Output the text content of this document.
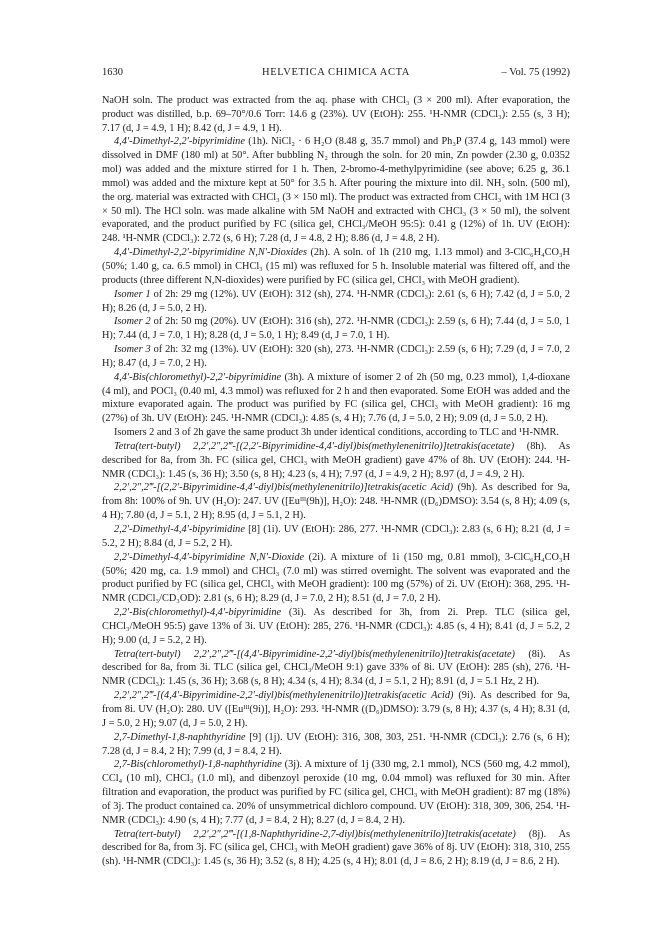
1630	HELVETICA CHIMICA ACTA	– Vol. 75 (1992)

NaOH soln. The product was extracted from the aq. phase with CHCl₃ (3 × 200 ml). After evaporation, the product was distilled, b.p. 69–70°/0.6 Torr: 14.6 g (23%). UV (EtOH): 255. ¹H-NMR (CDCl₃): 2.55 (s, 3 H); 7.17 (d, J = 4.9, 1 H); 8.42 (d, J = 4.9, 1 H).

4,4′-Dimethyl-2,2′-bipyrimidine (1h). NiCl₂ · 6 H₂O (8.48 g, 35.7 mmol) and Ph₃P (37.4 g, 143 mmol) were dissolved in DMF (180 ml) at 50°. After bubbling N₂ through the soln. for 20 min, Zn powder (2.30 g, 0.0352 mol) was added and the mixture stirred for 1 h. Then, 2-bromo-4-methylpyrimidine (see above; 6.25 g, 36.1 mmol) was added and the mixture kept at 50° for 3.5 h. After pouring the mixture into dil. NH₃ soln. (500 ml), the org. material was extracted with CHCl₃ (3 × 150 ml). The product was extracted from CHCl₃ with 1M HCl (3 × 50 ml). The HCl soln. was made alkaline with 5M NaOH and extracted with CHCl₃ (3 × 50 ml), the solvent evaporated, and the product purified by FC (silica gel, CHCl₃/MeOH 95:5): 0.41 g (12%) of 1h. UV (EtOH): 248. ¹H-NMR (CDCl₃): 2.72 (s, 6 H); 7.28 (d, J = 4.8, 2 H); 8.86 (d, J = 4.8, 2 H).

4,4′-Dimethyl-2,2′-bipyrimidine N,N′-Dioxides (2h). A soln. of 1h (210 mg, 1.13 mmol) and 3-ClC₆H₄CO₃H (50%; 1.40 g, ca. 6.5 mmol) in CHCl₃ (15 ml) was refluxed for 5 h. Insoluble material was filtered off, and the products (three different N,N-dioxides) were purified by FC (silica gel, CHCl₃ with MeOH gradient).

Isomer 1 of 2h: 29 mg (12%). UV (EtOH): 312 (sh), 274. ¹H-NMR (CDCl₃): 2.61 (s, 6 H); 7.42 (d, J = 5.0, 2 H); 8.26 (d, J = 5.0, 2 H).

Isomer 2 of 2h: 50 mg (20%). UV (EtOH): 316 (sh), 272. ¹H-NMR (CDCl₃): 2.59 (s, 6 H); 7.44 (d, J = 5.0, 1 H); 7.44 (d, J = 7.0, 1 H); 8.28 (d, J = 5.0, 1 H); 8.49 (d, J = 7.0, 1 H).

Isomer 3 of 2h: 32 mg (13%). UV (EtOH): 320 (sh), 273. ¹H-NMR (CDCl₃): 2.59 (s, 6 H); 7.29 (d, J = 7.0, 2 H); 8.47 (d, J = 7.0, 2 H).

4,4′-Bis(chloromethyl)-2,2′-bipyrimidine (3h). A mixture of isomer 2 of 2h (50 mg, 0.23 mmol), 1,4-dioxane (4 ml), and POCl₃ (0.40 ml, 4.3 mmol) was refluxed for 2 h and then evaporated. Some EtOH was added and the mixture evaporated again. The product was purified by FC (silica gel, CHCl₃ with MeOH gradient): 16 mg (27%) of 3h. UV (EtOH): 245. ¹H-NMR (CDCl₃): 4.85 (s, 4 H); 7.76 (d, J = 5.0, 2 H); 9.09 (d, J = 5.0, 2 H).

Isomers 2 and 3 of 2h gave the same product 3h under identical conditions, according to TLC and ¹H-NMR.

Tetra(tert-butyl) 2,2′,2″,2‴-[(2,2′-Bipyrimidine-4,4′-diyl)bis(methylenenitrilo)]tetrakis(acetate) (8h). As described for 8a, from 3h. FC (silica gel, CHCl₃ with MeOH gradient) gave 47% of 8h. UV (EtOH): 244. ¹H-NMR (CDCl₃): 1.45 (s, 36 H); 3.50 (s, 8 H); 4.23 (s, 4 H); 7.97 (d, J = 4.9, 2 H); 8.97 (d, J = 4.9, 2 H).

2,2′,2″,2‴-[(2,2′-Bipyrimidine-4,4′-diyl)bis(methylenenitrilo)]tetrakis(acetic Acid) (9h). As described for 9a, from 8h: 100% of 9h. UV (H₂O): 247. UV ([Euᴵᴵᴵ(9h)], H₂O): 248. ¹H-NMR ((D₆)DMSO): 3.54 (s, 8 H); 4.09 (s, 4 H); 7.80 (d, J = 5.1, 2 H); 8.95 (d, J = 5.1, 2 H).

2,2′-Dimethyl-4,4′-bipyrimidine [8] (1i). UV (EtOH): 286, 277. ¹H-NMR (CDCl₃): 2.83 (s, 6 H); 8.21 (d, J = 5.2, 2 H); 8.84 (d, J = 5.2, 2 H).

2,2′-Dimethyl-4,4′-bipyrimidine N,N′-Dioxide (2i). A mixture of 1i (150 mg, 0.81 mmol), 3-ClC₆H₄CO₃H (50%; 420 mg, ca. 1.9 mmol) and CHCl₃ (7.0 ml) was stirred overnight. The solvent was evaporated and the product purified by FC (silica gel, CHCl₃ with MeOH gradient): 100 mg (57%) of 2i. UV (EtOH): 368, 295. ¹H-NMR (CDCl₃/CD₃OD): 2.81 (s, 6 H); 8.29 (d, J = 7.0, 2 H); 8.51 (d, J = 7.0, 2 H).

2,2′-Bis(chloromethyl)-4,4′-bipyrimidine (3i). As described for 3h, from 2i. Prep. TLC (silica gel, CHCl₃/MeOH 95:5) gave 13% of 3i. UV (EtOH): 285, 276. ¹H-NMR (CDCl₃): 4.85 (s, 4 H); 8.41 (d, J = 5.2, 2 H); 9.00 (d, J = 5.2, 2 H).

Tetra(tert-butyl) 2,2′,2″,2‴-[(4,4′-Bipyrimidine-2,2′-diyl)bis(methylenenitrilo)]tetrakis(acetate) (8i). As described for 8a, from 3i. TLC (silica gel, CHCl₃/MeOH 9:1) gave 33% of 8i. UV (EtOH): 285 (sh), 276. ¹H-NMR (CDCl₃): 1.45 (s, 36 H); 3.68 (s, 8 H); 4.34 (s, 4 H); 8.34 (d, J = 5.1, 2 H); 8.91 (d, J = 5.1 Hz, 2 H).

2,2′,2″,2‴-[(4,4′-Bipyrimidine-2,2′-diyl)bis(methylenenitrilo)]tetrakis(acetic Acid) (9i). As described for 9a, from 8i. UV (H₂O): 280. UV ([Euᴵᴵᴵ(9i)], H₂O): 293. ¹H-NMR ((D₆)DMSO): 3.79 (s, 8 H); 4.37 (s, 4 H); 8.31 (d, J = 5.0, 2 H); 9.07 (d, J = 5.0, 2 H).

2,7-Dimethyl-1,8-naphthyridine [9] (1j). UV (EtOH): 316, 308, 303, 251. ¹H-NMR (CDCl₃): 2.76 (s, 6 H); 7.28 (d, J = 8.4, 2 H); 7.99 (d, J = 8.4, 2 H).

2,7-Bis(chloromethyl)-1,8-naphthyridine (3j). A mixture of 1j (330 mg, 2.1 mmol), NCS (560 mg, 4.2 mmol), CCl₄ (10 ml), CHCl₃ (1.0 ml), and dibenzoyl peroxide (10 mg, 0.04 mmol) was refluxed for 30 min. After filtration and evaporation, the product was purified by FC (silica gel, CHCl₃ with MeOH gradient): 87 mg (18%) of 3j. The product contained ca. 20% of unsymmetrical dichloro compound. UV (EtOH): 318, 309, 306, 254. ¹H-NMR (CDCl₃): 4.90 (s, 4 H); 7.77 (d, J = 8.4, 2 H); 8.27 (d, J = 8.4, 2 H).

Tetra(tert-butyl) 2,2′,2″,2‴-[(1,8-Naphthyridine-2,7-diyl)bis(methylenenitrilo)]tetrakis(acetate) (8j). As described for 8a, from 3j. FC (silica gel, CHCl₃ with MeOH gradient) gave 36% of 8j. UV (EtOH): 318, 310, 255 (sh). ¹H-NMR (CDCl₃): 1.45 (s, 36 H); 3.52 (s, 8 H); 4.25 (s, 4 H); 8.01 (d, J = 8.6, 2 H); 8.19 (d, J = 8.6, 2 H).
